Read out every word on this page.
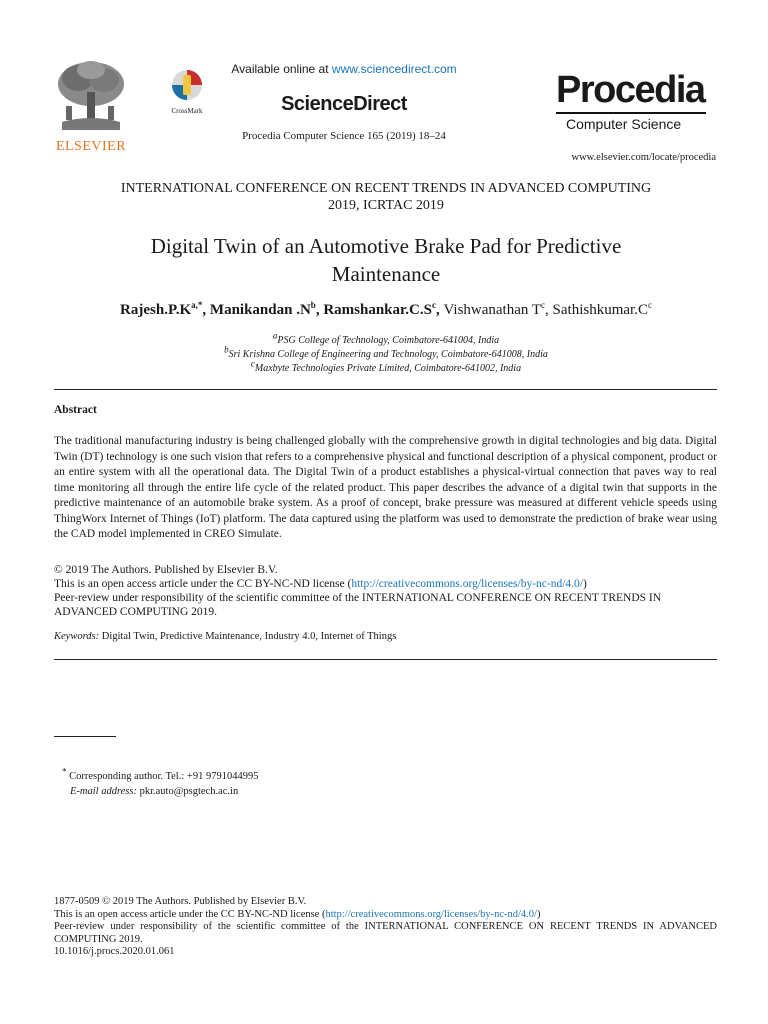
ELSEVIER
CrossMark
Available online at www.sciencedirect.com
ScienceDirect
Procedia Computer Science 165 (2019) 18–24
Procedia
Computer Science
www.elsevier.com/locate/procedia
INTERNATIONAL CONFERENCE ON RECENT TRENDS IN ADVANCED COMPUTING
2019, ICRTAC 2019
Digital Twin of an Automotive Brake Pad for Predictive
Maintenance
$Rajesh.P.K^{a,*}$, Manikandan $.N^b$, $Ramshankar.C.S^c$, Vishwanathan $T^c$, $Sathishkumar.C^c$
$^a$PSG College of Technology, Coimbatore-641004, India
$^b$Sri Krishna College of Engineering and Technology, Coimbatore-641008, India
$^c$Maxbyte Technologies Private Limited, Coimbatore-641002, India
Abstract
The traditional manufacturing industry is being challenged globally with the comprehensive growth in digital technologies and big data. Digital Twin (DT) technology is one such vision that refers to a comprehensive physical and functional description of a physical component, product or an entire system with all the operational data. The Digital Twin of a product establishes a physical-virtual connection that paves way to real time monitoring all through the entire life cycle of the related product. This paper describes the advance of a digital twin that supports in the predictive maintenance of an automobile brake system. As a proof of concept, brake pressure was measured at different vehicle speeds using ThingWorx Internet of Things (IoT) platform. The data captured using the platform was used to demonstrate the prediction of brake wear using the CAD model implemented in CREO Simulate.
© 2019 The Authors. Published by Elsevier B.V.
This is an open access article under the CC BY-NC-ND license (http://creativecommons.org/licenses/by-nc-nd/4.0/)
Peer-review under responsibility of the scientific committee of the INTERNATIONAL CONFERENCE ON RECENT TRENDS IN ADVANCED COMPUTING 2019.
Keywords: Digital Twin, Predictive Maintenance, Industry 4.0, Internet of Things
* Corresponding author. Tel.: +91 9791044995
E-mail address: pkr.auto@psgtech.ac.in
1877-0509 © 2019 The Authors. Published by Elsevier B.V.
This is an open access article under the CC BY-NC-ND license (http://creativecommons.org/licenses/by-nc-nd/4.0/)
Peer-review under responsibility of the scientific committee of the INTERNATIONAL CONFERENCE ON RECENT TRENDS IN ADVANCED COMPUTING 2019.
10.1016/j.procs.2020.01.061
